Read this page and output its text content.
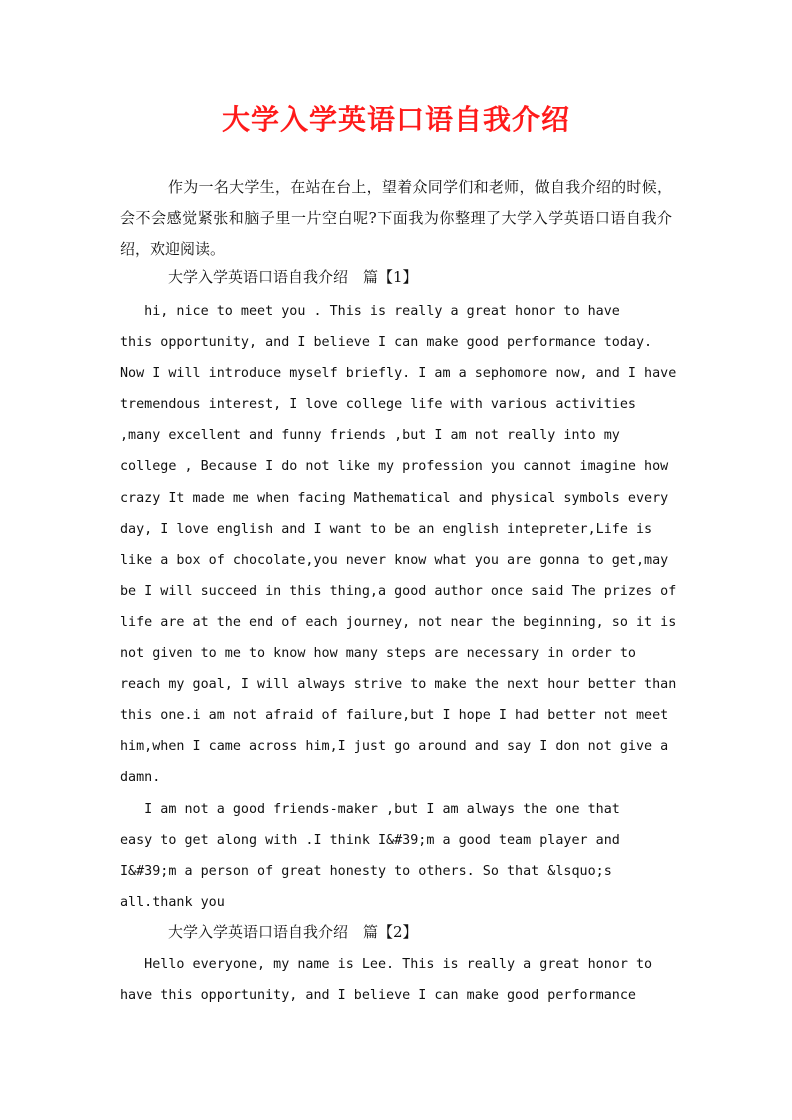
大学入学英语口语自我介绍
作为一名大学生，在站在台上，望着众同学们和老师，做自我介绍的时候，会不会感觉紧张和脑子里一片空白呢?下面我为你整理了大学入学英语口语自我介绍，欢迎阅读。
大学入学英语口语自我介绍　篇【1】
hi, nice to meet you . This is really a great honor to have
this opportunity, and I believe I can make good performance today.
Now I will introduce myself briefly. I am a sephomore now, and I have
tremendous interest, I love college life with various activities
,many excellent and funny friends ,but I am not really into my
college , Because I do not like my profession you cannot imagine how
crazy It made me when facing Mathematical and physical symbols every
day, I love english and I want to be an english intepreter,Life is
like a box of chocolate,you never know what you are gonna to get,may
be I will succeed in this thing,a good author once said The prizes of
life are at the end of each journey, not near the beginning, so it is
not given to me to know how many steps are necessary in order to
reach my goal, I will always strive to make the next hour better than
this one.i am not afraid of failure,but I hope I had better not meet
him,when I came across him,I just go around and say I don not give a
damn.
I am not a good friends-maker ,but I am always the one that
easy to get along with .I think I&#39;m a good team player and
I&#39;m a person of great honesty to others. So that &lsquo;s
all.thank you
大学入学英语口语自我介绍　篇【2】
Hello everyone, my name is Lee. This is really a great honor to
have this opportunity, and I believe I can make good performance
